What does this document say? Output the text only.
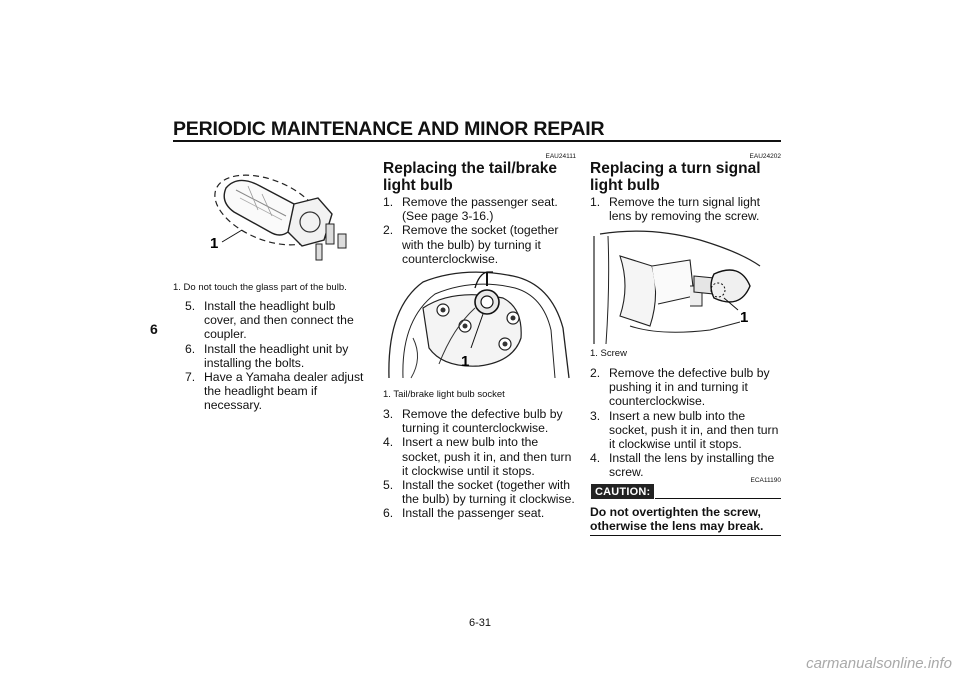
PERIODIC MAINTENANCE AND MINOR REPAIR
6
1
1. Do not touch the glass part of the bulb.
5. Install the headlight bulb cover, and then connect the coupler.
6. Install the headlight unit by installing the bolts.
7. Have a Yamaha dealer adjust the headlight beam if necessary.
EAU24111
Replacing the tail/brake light bulb
1. Remove the passenger seat. (See page 3-16.)
2. Remove the socket (together with the bulb) by turning it counterclockwise.
1
1. Tail/brake light bulb socket
3. Remove the defective bulb by turning it counterclockwise.
4. Insert a new bulb into the socket, push it in, and then turn it clockwise until it stops.
5. Install the socket (together with the bulb) by turning it clockwise.
6. Install the passenger seat.
EAU24202
Replacing a turn signal light bulb
1. Remove the turn signal light lens by removing the screw.
1
1. Screw
2. Remove the defective bulb by pushing it in and turning it counterclockwise.
3. Insert a new bulb into the socket, push it in, and then turn it clockwise until it stops.
4. Install the lens by installing the screw.
ECA11190
CAUTION:
Do not overtighten the screw, otherwise the lens may break.
6-31
carmanualsonline.info
